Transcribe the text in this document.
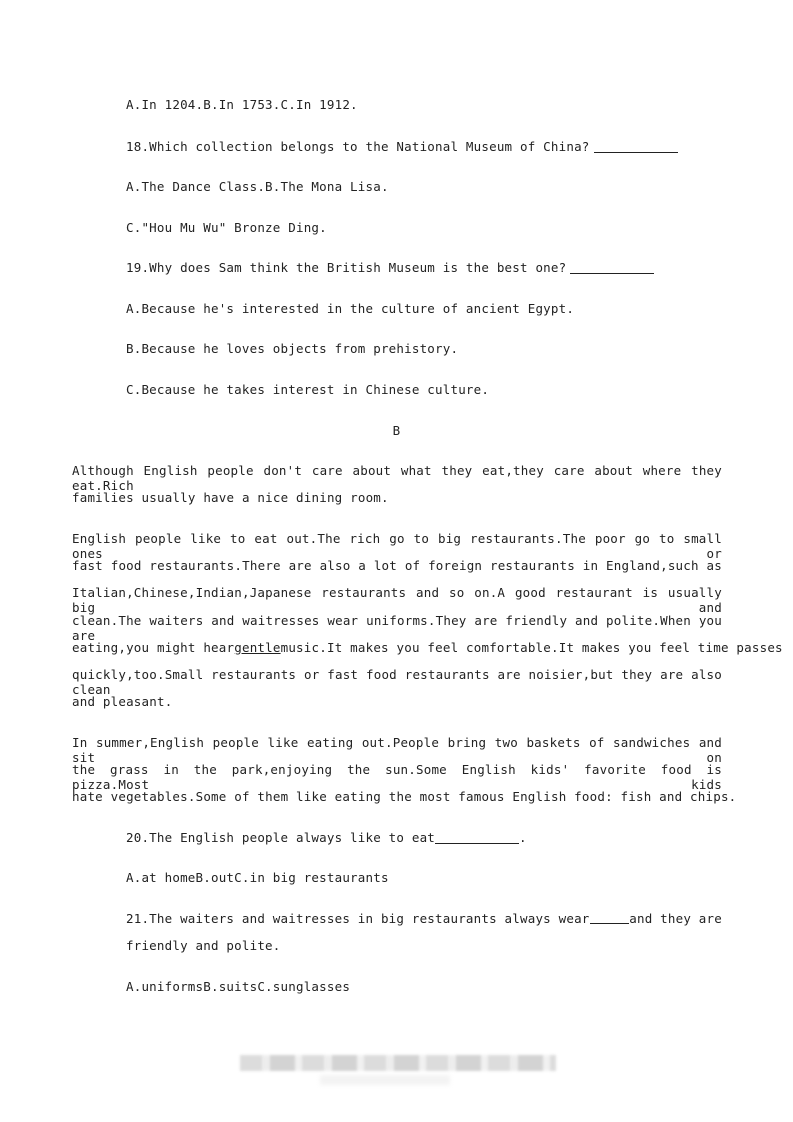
A.In 1204.B.In 1753.C.In 1912.
18.Which collection belongs to the National Museum of China?
A.The Dance Class.B.The Mona Lisa.
C."Hou Mu Wu" Bronze Ding.
19.Why does Sam think the British Museum is the best one?
A.Because he's interested in the culture of ancient Egypt.
B.Because he loves objects from prehistory.
C.Because he takes interest in Chinese culture.
B
Although English people don't care about what they eat,they care about where they eat.Rich
families usually have a nice dining room.
English people like to eat out.The rich go to big restaurants.The poor go to small ones or
fast food restaurants.There are also a lot of foreign restaurants in England,such as
Italian,Chinese,Indian,Japanese restaurants and so on.A good restaurant is usually big and
clean.The waiters and waitresses wear uniforms.They are friendly and polite.When you are
eating,you might heargentle music.It makes you feel comfortable.It makes you feel time passes
quickly,too.Small restaurants or fast food restaurants are noisier,but they are also clean
and pleasant.
In summer,English people like eating out.People bring two baskets of sandwiches and sit on
the grass in the park,enjoying the sun.Some English kids' favorite food is pizza.Most kids
hate vegetables.Some of them like eating the most famous English food: fish and chips.
20.The English people always like to eat	.
A.at homeB.outC.in big restaurants
21.The waiters and waitresses in big restaurants always wear	and they are
friendly and polite.
A.uniformsB.suitsC.sunglasses
